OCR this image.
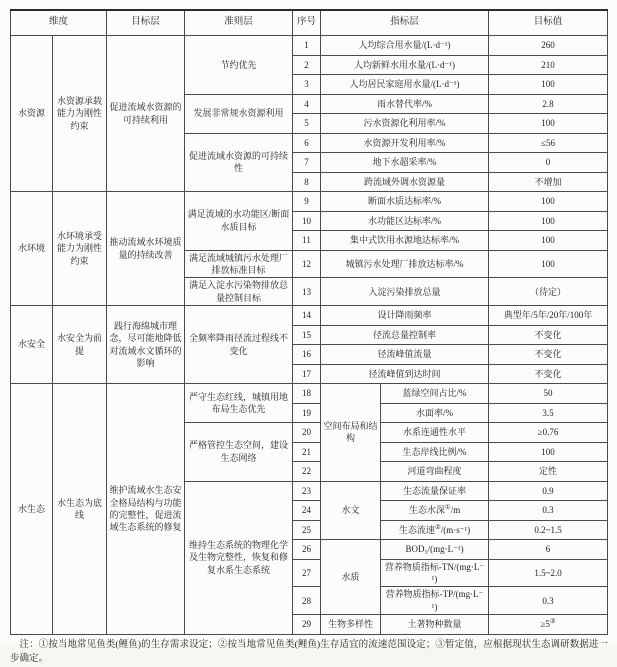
维度		目标层	准则层	序号	指标层		目标值
水资源	水资源承载能力为刚性约束	促进流域水资源的可持续利用	节约优先	1	人均综合用水量/(L·d⁻¹)		260
				2	人均新鲜水用水量/(L·d⁻¹)		210
				3	人均居民家庭用水量/(L·d⁻¹)		100
			发展非常规水资源利用	4	雨水替代率/%		2.8
				5	污水资源化利用率/%		100
			促进流域水资源的可持续性	6	水资源开发利用率/%		≤56
				7	地下水超采率/%		0
				8	跨流域外调水资源量		不增加
水环境	水环境承受能力为刚性约束	推动流域水环境质量的持续改善	满足流域的水功能区/断面水质目标	9	断面水质达标率/%		100
				10	水功能区达标率/%		100
				11	集中式饮用水源地达标率/%		100
			满足流域城镇污水处理厂排放标准目标	12	城镇污水处理厂排放达标率/%		100
			满足入淀水污染物排放总量控制目标	13	入淀污染排放总量		（待定）
水安全	水安全为前提	践行海绵城市理念，尽可能地降低对流域水文循环的影响	全频率降雨径流过程线不变化	14	设计降雨频率		典型年/5年/20年/100年
				15	径流总量控制率		不变化
				16	径流峰值流量		不变化
				17	径流峰值到达时间		不变化
水生态	水生态为底线	维护流域水生态安全格局结构与功能的完整性，促进流域生态系统的修复	严守生态红线，城镇用地布局生态优先	18	空间布局和结构	蓝绿空间占比/%	50
				19		水面率/%	3.5
			严格管控生态空间，建设生态网络	20		水系连通性水平	≥0.76
				21		生态岸线比例/%	100
				22		河道弯曲程度	定性
			维持生态系统的物理化学及生物完整性，恢复和修复水系生态系统	23	水文	生态流量保证率	0.9
				24		生态水深①/m	0.3
				25		生态流速②/(m·s⁻¹)	0.2~1.5
				26	水质	BOD₅/(mg·L⁻¹)	6
				27		营养物质指标-TN/(mg·L⁻¹)	1.5~2.0
				28		营养物质指标-TP/(mg·L⁻¹)	0.3
				29	生物多样性	土著物种数量	≥5③
注：①按当地常见鱼类(鲤鱼)的生存需求设定；②按当地常见鱼类(鲤鱼)生存适宜的流速范围设定；③暂定值，应根据现状生态调研数据进一步确定。
